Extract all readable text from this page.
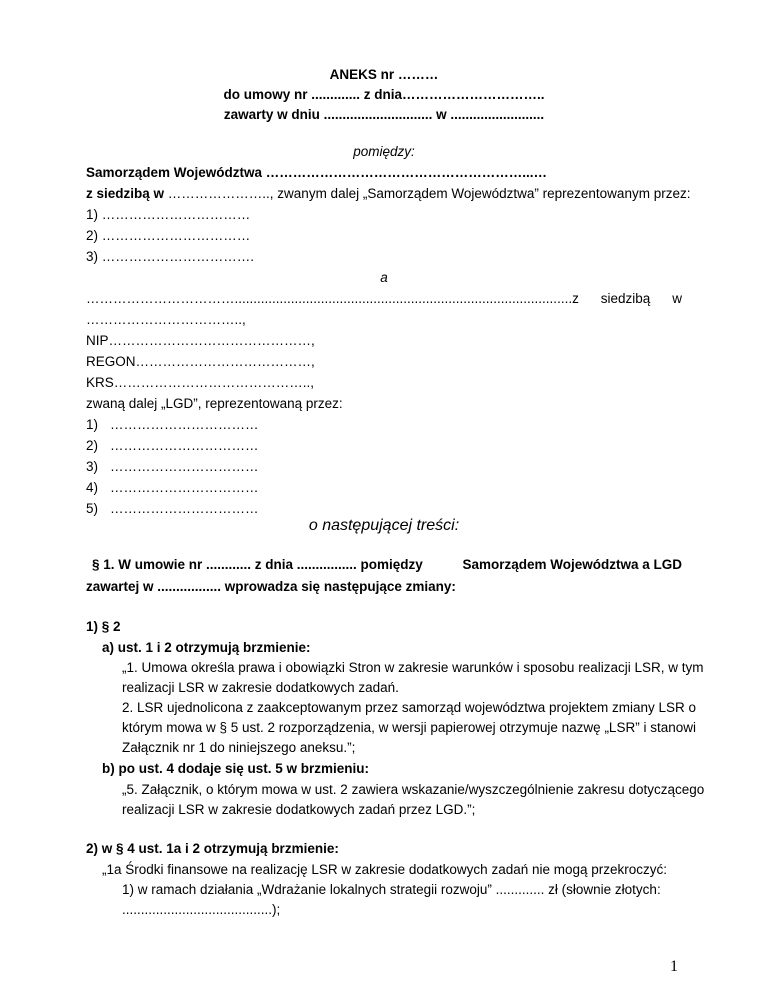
ANEKS nr ………
do umowy nr ............. z dnia…………………………..
zawarty w dniu ............................. w .........................
pomiędzy:
Samorządem Województwa …………………………………………………...…
z siedzibą w ………………….., zwanym dalej „Samorządem Województwa” reprezentowanym przez:
1) ……………………………
2) ……………………………
3) …………………………….
a
……………………………..........................................................................................z siedzibą w
……………………………..,
NIP………………………………………,
REGON…………………………………,
KRS……………………………………..,
zwaną dalej „LGD”, reprezentowaną przez:
1) ……………………………
2) ……………………………
3) ……………………………
4) ……………………………
5) ……………………………
o następującej treści:
§ 1. W umowie nr ............ z dnia ................ pomiędzy	Samorządem Województwa a LGD
zawartej w ................. wprowadza się następujące zmiany:
1) § 2
a) ust. 1 i 2 otrzymują brzmienie:
„1. Umowa określa prawa i obowiązki Stron w zakresie warunków i sposobu realizacji LSR, w tym
realizacji LSR w zakresie dodatkowych zadań.
2. LSR ujednolicona z zaakceptowanym przez samorząd województwa projektem zmiany LSR o
którym mowa w § 5 ust. 2 rozporządzenia, w wersji papierowej otrzymuje nazwę „LSR” i stanowi
Załącznik nr 1 do niniejszego aneksu.”;
b) po ust. 4 dodaje się ust. 5 w brzmieniu:
„5. Załącznik, o którym mowa w ust. 2 zawiera wskazanie/wyszczególnienie zakresu dotyczącego
realizacji LSR w zakresie dodatkowych zadań przez LGD.”;
2) w § 4 ust. 1a i 2 otrzymują brzmienie:
„1a Środki finansowe na realizację LSR w zakresie dodatkowych zadań nie mogą przekroczyć:
1) w ramach działania „Wdrażanie lokalnych strategii rozwoju” ............. zł (słownie złotych:
........................................);
1
